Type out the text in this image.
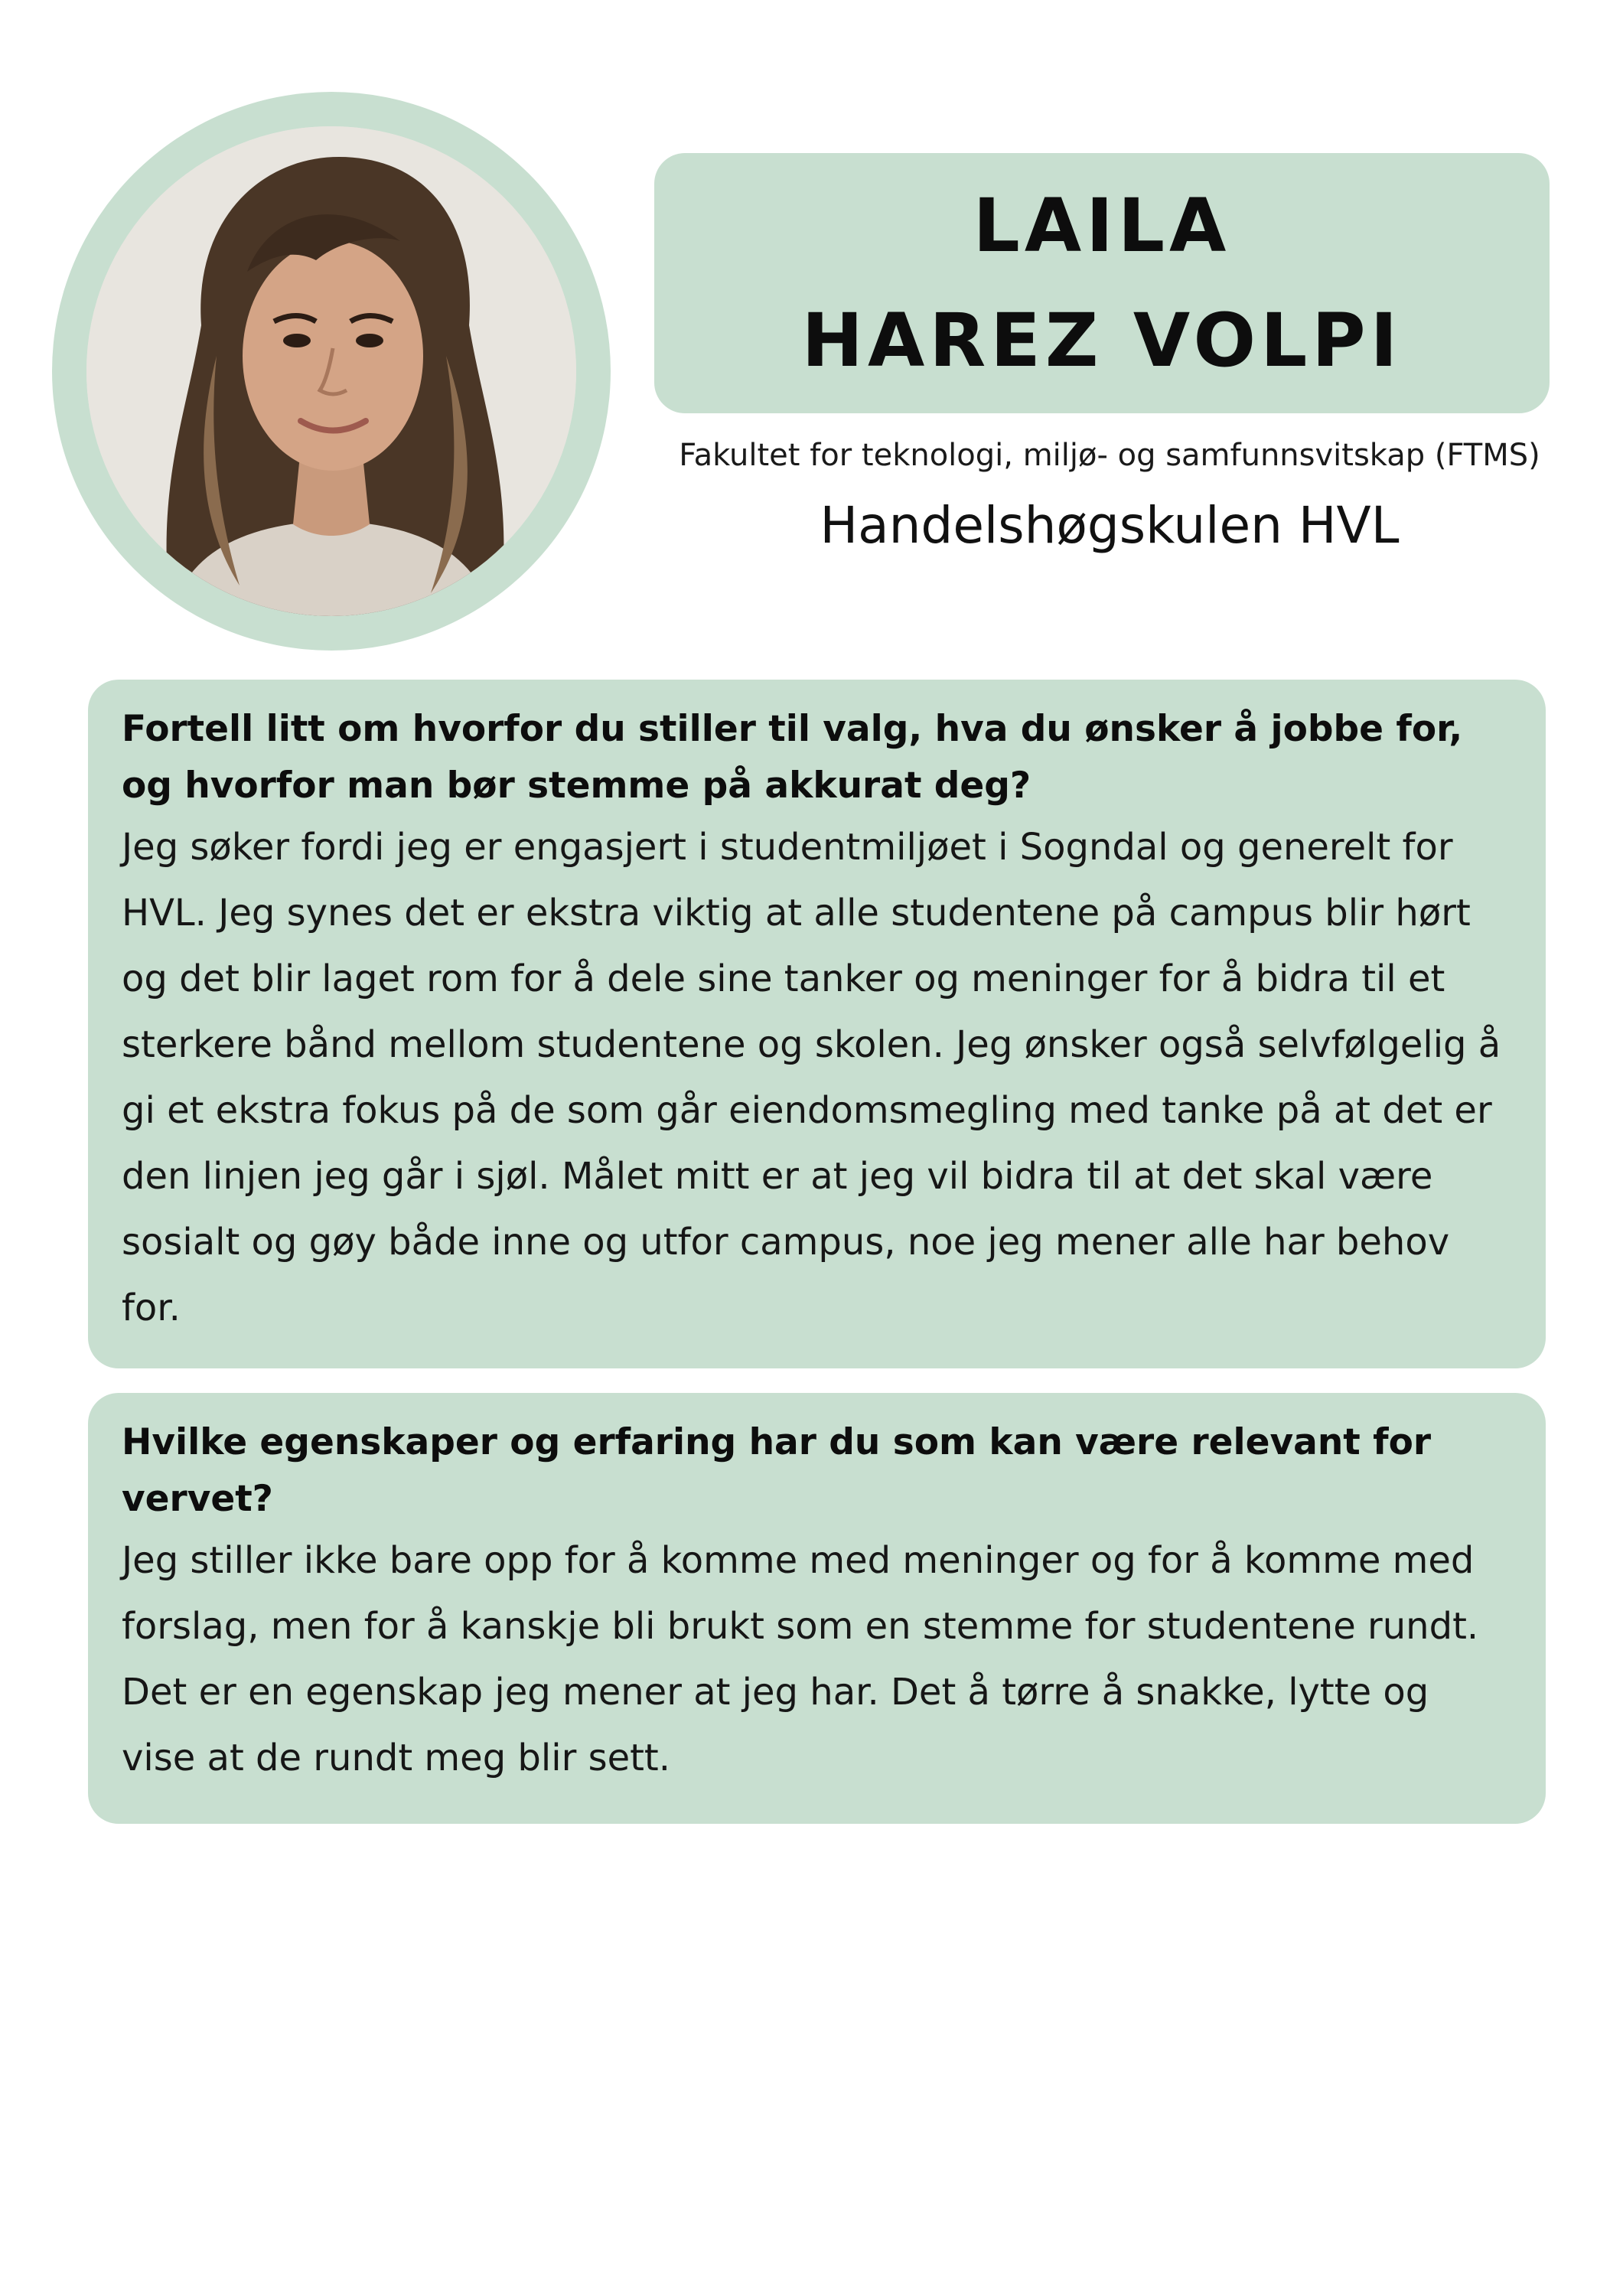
LAILA
HAREZ VOLPI
Fakultet for teknologi, miljø- og samfunnsvitskap (FTMS)
Handelshøgskulen HVL

Fortell litt om hvorfor du stiller til valg, hva du ønsker å jobbe for, og hvorfor man bør stemme på akkurat deg?

Jeg søker fordi jeg er engasjert i studentmiljøet i Sogndal og generelt for HVL. Jeg synes det er ekstra viktig at alle studentene på campus blir hørt og det blir laget rom for å dele sine tanker og meninger for å bidra til et sterkere bånd mellom studentene og skolen. Jeg ønsker også selvfølgelig å gi et ekstra fokus på de som går eiendomsmegling med tanke på at det er den linjen jeg går i sjøl. Målet mitt er at jeg vil bidra til at det skal være sosialt og gøy både inne og utfor campus, noe jeg mener alle har behov for.

Hvilke egenskaper og erfaring har du som kan være relevant for vervet?

Jeg stiller ikke bare opp for å komme med meninger og for å komme med forslag, men for å kanskje bli brukt som en stemme for studentene rundt. Det er en egenskap jeg mener at jeg har. Det å tørre å snakke, lytte og vise at de rundt meg blir sett.
